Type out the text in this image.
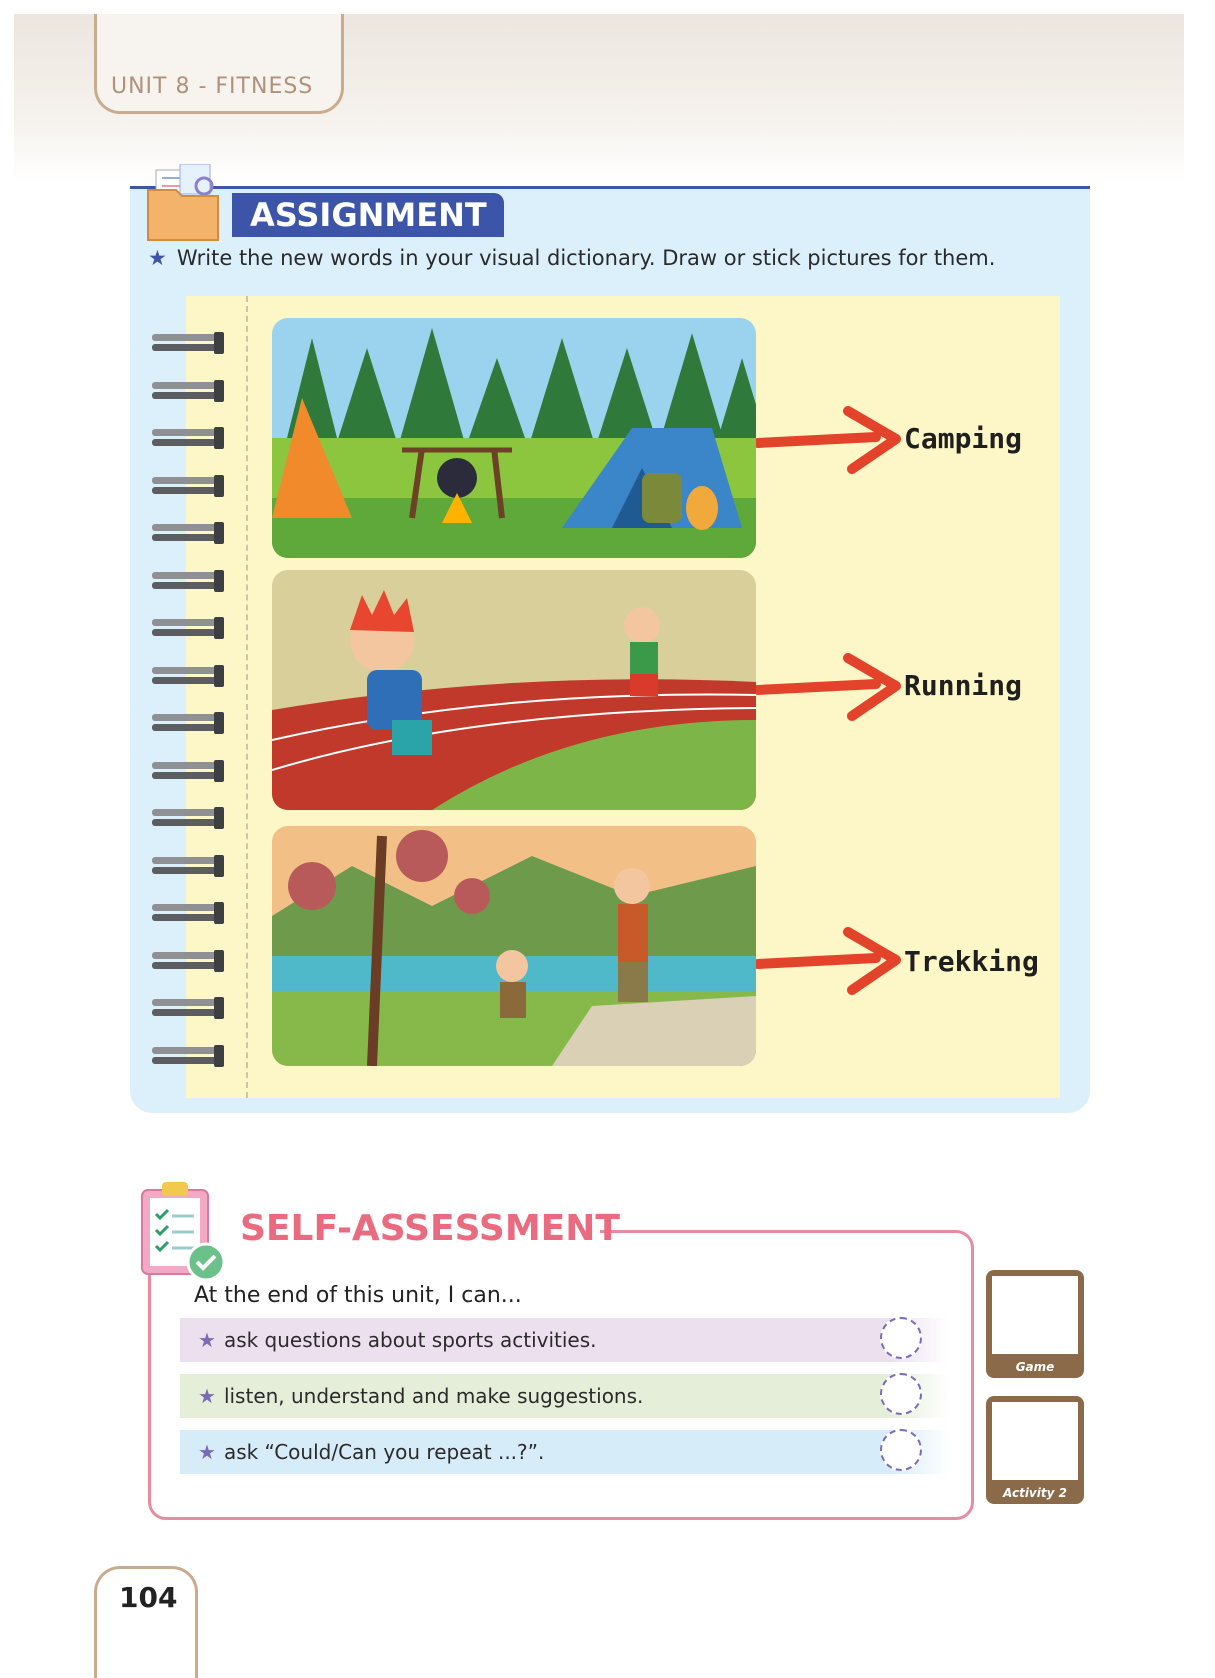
UNIT 8 - FITNESS
ASSIGNMENT
★ Write the new words in your visual dictionary. Draw or stick pictures for them.
Camping
Running
Trekking
SELF-ASSESSMENT
At the end of this unit, I can...
★ ask questions about sports activities.
★ listen, understand and make suggestions.
★ ask “Could/Can you repeat ...?”.
Game
Activity 2
104
